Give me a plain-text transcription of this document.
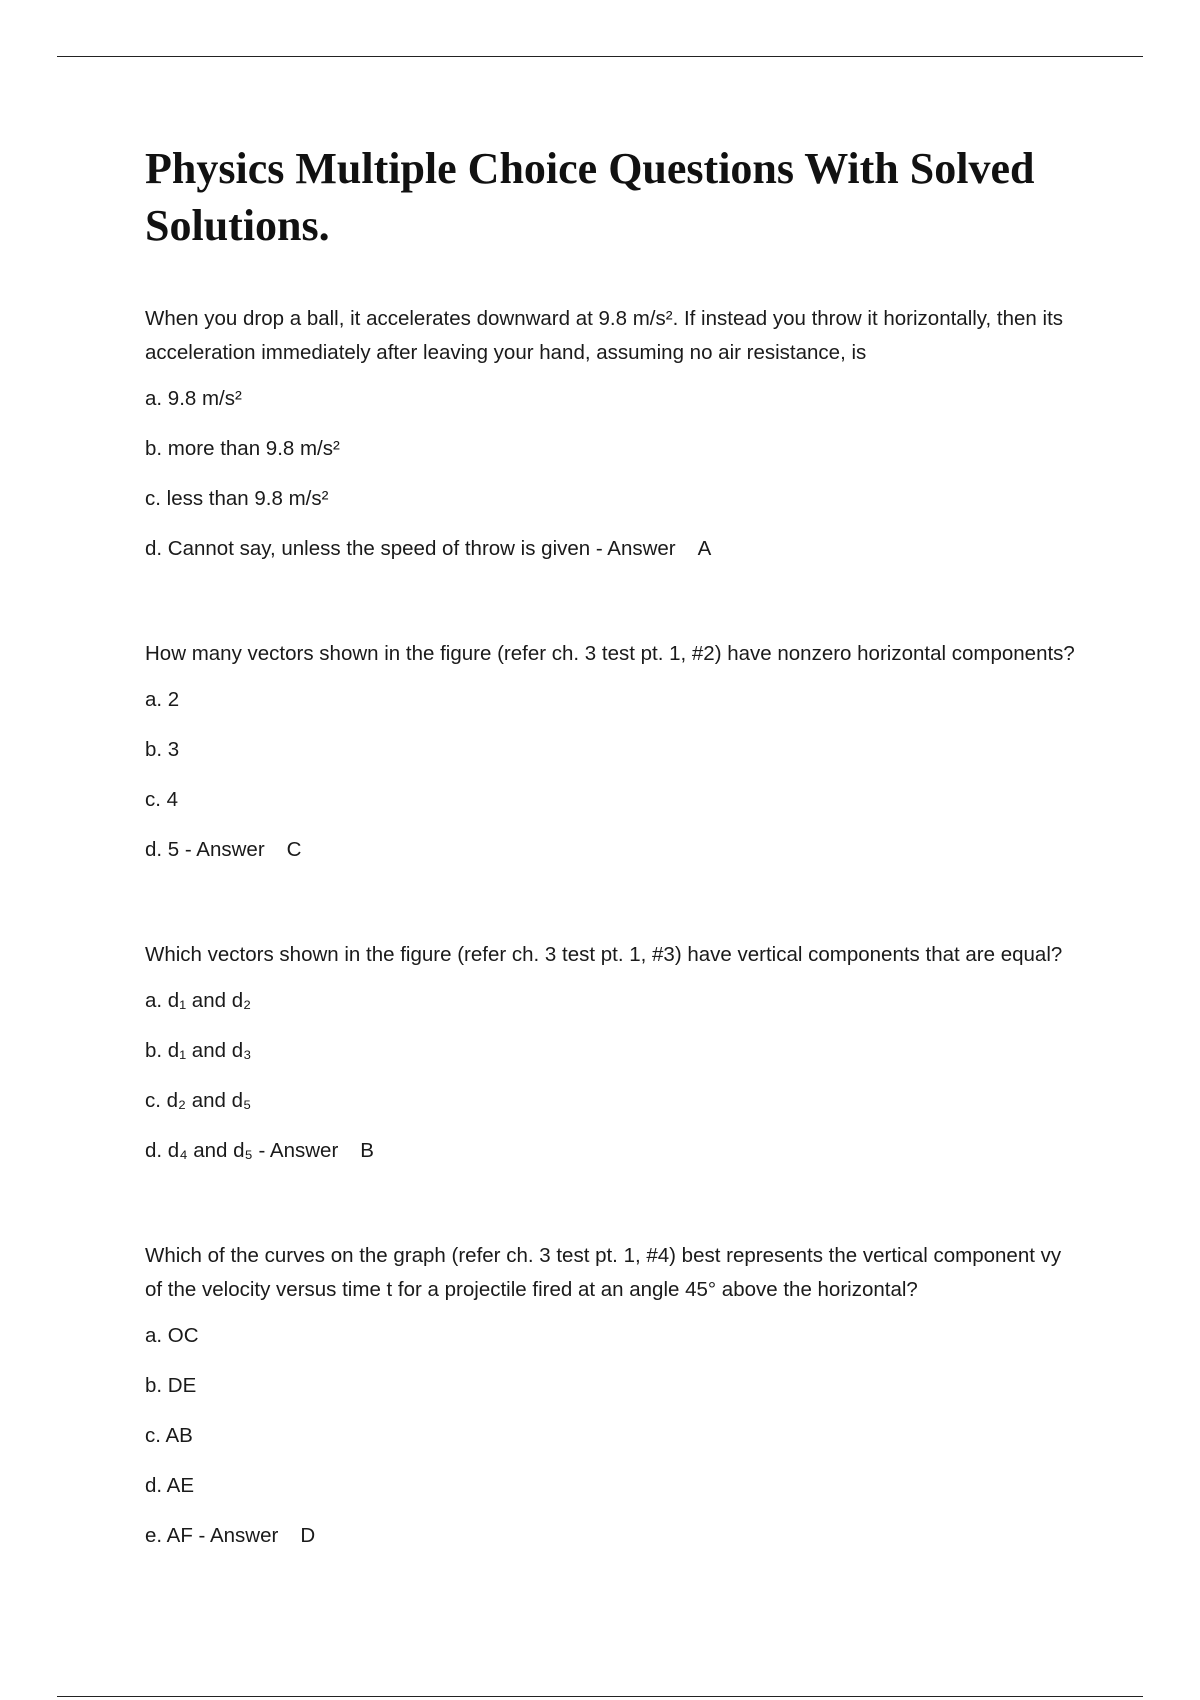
Physics Multiple Choice Questions With Solved Solutions.

When you drop a ball, it accelerates downward at 9.8 m/s². If instead you throw it horizontally, then its acceleration immediately after leaving your hand, assuming no air resistance, is

a. 9.8 m/s²
b. more than 9.8 m/s²
c. less than 9.8 m/s²
d. Cannot say, unless the speed of throw is given - Answer A

How many vectors shown in the figure (refer ch. 3 test pt. 1, #2) have nonzero horizontal components?

a. 2
b. 3
c. 4
d. 5 - Answer C

Which vectors shown in the figure (refer ch. 3 test pt. 1, #3) have vertical components that are equal?

a. d₁ and d₂
b. d₁ and d₃
c. d₂ and d₅
d. d₄ and d₅ - Answer B

Which of the curves on the graph (refer ch. 3 test pt. 1, #4) best represents the vertical component vy of the velocity versus time t for a projectile fired at an angle 45° above the horizontal?

a. OC
b. DE
c. AB
d. AE
e. AF - Answer D
